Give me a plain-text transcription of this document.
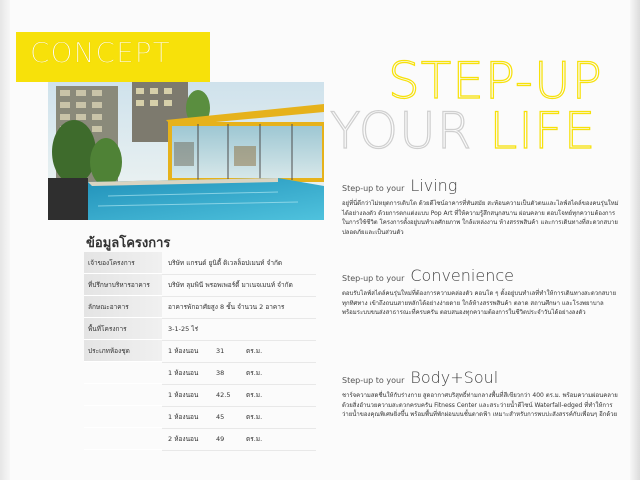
CONCEPT	STEP-UP
YOUR LIFE
ข้อมูลโครงการ
เจ้าของโครงการ	บริษัท แกรนด์ ยูนิตี้ ดิเวลล็อปเมนท์ จำกัด
ที่ปรึกษาบริหารอาคาร	บริษัท ลุมพินี พรอพเพอร์ตี้ มาเนจเมนท์ จำกัด
ลักษณะอาคาร	อาคารพักอาศัยสูง 8 ชั้น จำนวน 2 อาคาร
พื้นที่โครงการ	3-1-25 ไร่
ประเภทห้องชุด	1 ห้องนอน	31	ตร.ม.
1 ห้องนอน	38	ตร.ม.
1 ห้องนอน	42.5	ตร.ม.
1 ห้องนอน	45	ตร.ม.
2 ห้องนอน	49	ตร.ม.
Step-up to your Living
อยู่ที่นี่ดีกว่าไม่หยุดการเติบโต ด้วยดีไซน์อาคารที่ทันสมัย สะท้อนความเป็นตัวตนและไลฟ์สไตล์ของคนรุ่นใหม่ได้อย่างลงตัว ด้วยการตกแต่งแบบ Pop Art ที่ให้ความรู้สึกสนุกสนาน ผ่อนคลาย ตอบโจทย์ทุกความต้องการในการใช้ชีวิต โครงการตั้งอยู่บนทำเลศักยภาพ ใกล้แหล่งงาน ห้างสรรพสินค้า และการเดินทางที่สะดวกสบาย ปลอดภัยและเป็นส่วนตัว
Step-up to your Convenience
ตอบรับไลฟ์สไตล์คนรุ่นใหม่ที่ต้องการความคล่องตัว คอนโด ๆ ตั้งอยู่บนทำเลที่ทำให้การเดินทางสะดวกสบายทุกทิศทาง เข้าถึงถนนสายหลักได้อย่างง่ายดาย ใกล้ห้างสรรพสินค้า ตลาด สถานศึกษา และโรงพยาบาล พร้อมระบบขนส่งสาธารณะที่ครบครัน ตอบสนองทุกความต้องการในชีวิตประจำวันได้อย่างลงตัว
Step-up to your Body+Soul
ชาร์จความสดชื่นให้กับร่างกาย สูดอากาศบริสุทธิ์ท่ามกลางพื้นที่สีเขียวกว่า 400 ตร.ม. พร้อมความผ่อนคลายด้วยสิ่งอำนวยความสะดวกครบครัน Fitness Center และสระว่ายน้ำดีไซน์ Waterfall-edged ที่ทำให้การว่ายน้ำของคุณพิเศษยิ่งขึ้น พร้อมพื้นที่พักผ่อนบนชั้นดาดฟ้า เหมาะสำหรับการพบปะสังสรรค์กับเพื่อนๆ อีกด้วย
